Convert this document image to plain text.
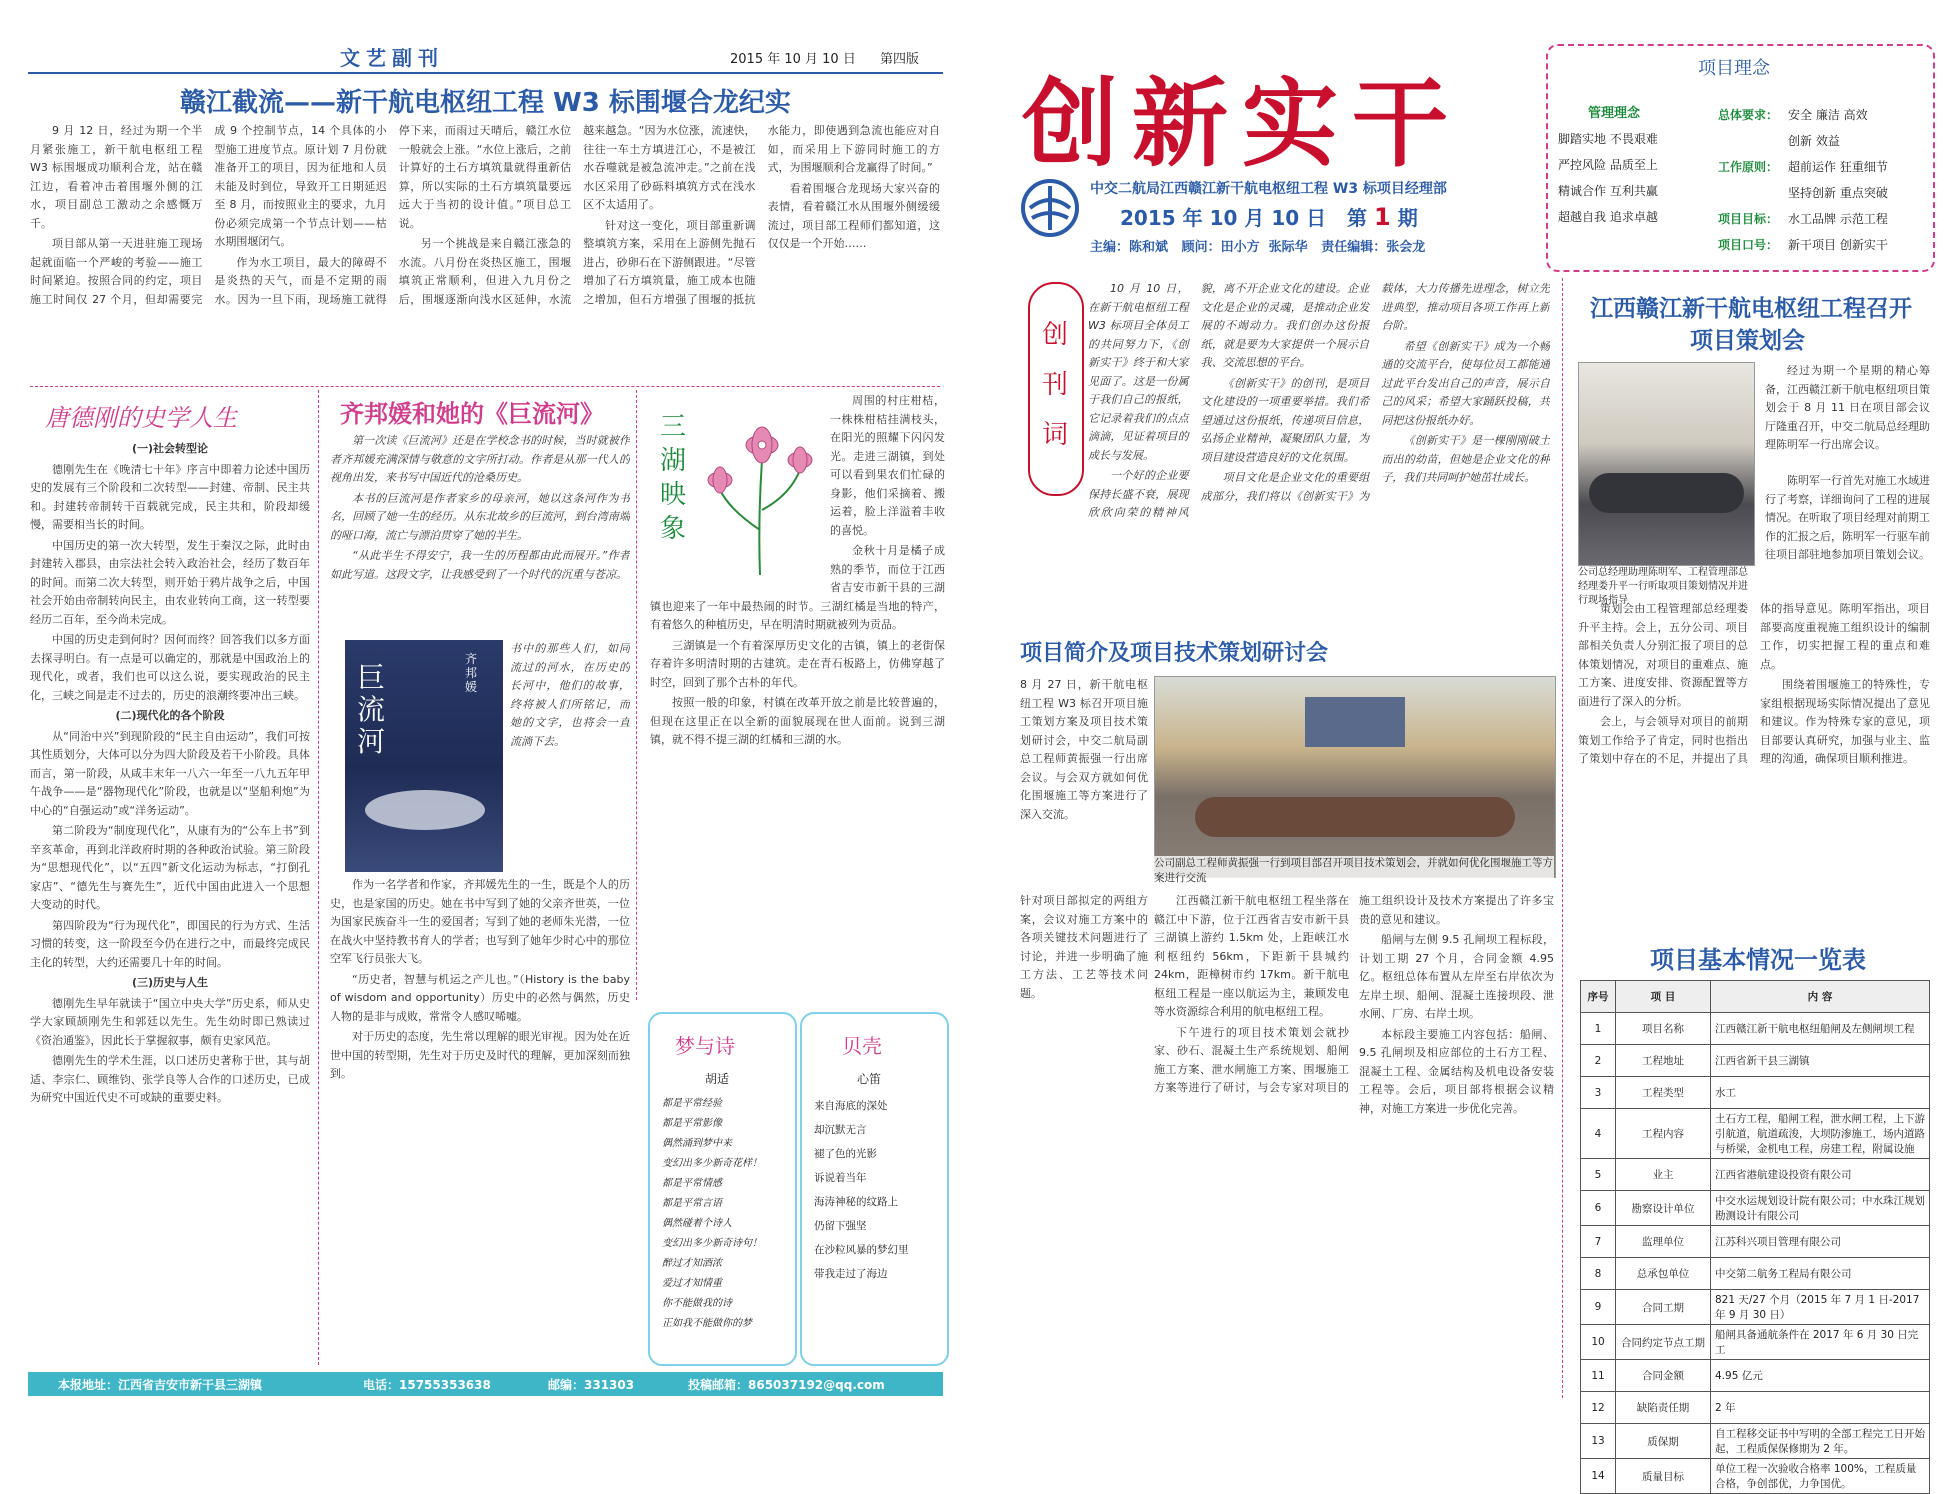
文艺副刊	2015 年 10 月 10 日 第四版
赣江截流——新干航电枢纽工程 W3 标围堰合龙纪实

9 月 12 日，经过为期一个半月紧张施工，新干航电枢纽工程 W3 标围堰成功顺利合龙，站在赣江边，看着冲击着围堰外侧的江水，项目副总工激动之余感慨万千。

项目部从第一天进驻施工现场起就面临一个严峻的考验——施工时间紧迫。按照合同的约定，项目施工时间仅 27 个月，但却需要完成 9 个控制节点，14 个具体的小型施工进度节点。原计划 7 月份就准备开工的项目，因为征地和人员未能及时到位，导致开工日期延迟至 8 月，而按照业主的要求，九月份必须完成第一个节点计划——枯水期围堰闭气。

作为水工项目，最大的障碍不是炎热的天气，而是不定期的雨水。因为一旦下雨，现场施工就得停下来，而雨过天晴后，赣江水位一般就会上涨。“水位上涨后，之前计算好的土石方填筑量就得重新估算，所以实际的土石方填筑量要远远大于当初的设计值。”项目总工说。

另一个挑战是来自赣江涨急的水流。八月份在炎热区施工，围堰填筑正常顺利，但进入九月份之后，围堰逐渐向浅水区延伸，水流越来越急。“因为水位涨，流速快，往往一车土方填进江心，不是被江水吞噬就是被急流冲走。”之前在浅水区采用了砂砾料填筑方式在浅水区不太适用了。

针对这一变化，项目部重新调整填筑方案，采用在上游侧先抛石进占，砂卵石在下游侧跟进。“尽管增加了石方填筑量，施工成本也随之增加，但石方增强了围堰的抵抗水能力，即使遇到急流也能应对自如，而采用上下游同时施工的方式，为围堰顺利合龙赢得了时间。”

看着围堰合龙现场大家兴奋的表情，看着赣江水从围堰外侧缓缓流过，项目部工程师们都知道，这仅仅是一个开始……

唐德刚的史学人生
(一)社会转型论

德刚先生在《晚清七十年》序言中即着力论述中国历史的发展有三个阶段和二次转型——封建、帝制、民主共和。封建转帝制转干百载就完成，民主共和，阶段却缓慢，需要相当长的时间。

中国历史的第一次大转型，发生于秦汉之际，此时由封建转入郡县，由宗法社会转入政治社会，经历了数百年的时间。而第二次大转型，则开始于鸦片战争之后，中国社会开始由帝制转向民主，由农业转向工商，这一转型要经历二百年，至今尚未完成。

中国的历史走到何时？因何而终？回答我们以多方面去探寻明白。有一点是可以确定的，那就是中国政治上的现代化，或者，我们也可以这么说，要实现政治的民主化，三峡之间是走不过去的，历史的浪潮终要冲出三峡。

(二)现代化的各个阶段

从“同治中兴”到现阶段的“民主自由运动”，我们可按其性质划分，大体可以分为四大阶段及若干小阶段。具体而言，第一阶段，从咸丰末年一八六一年至一八九五年甲午战争——是“器物现代化”阶段，也就是以“坚船利炮”为中心的“自强运动”或“洋务运动”。

第二阶段为“制度现代化”，从康有为的“公车上书”到辛亥革命，再到北洋政府时期的各种政治试验。第三阶段为“思想现代化”，以“五四”新文化运动为标志，“打倒孔家店”、“德先生与赛先生”，近代中国由此进入一个思想大变动的时代。

第四阶段为“行为现代化”，即国民的行为方式、生活习惯的转变，这一阶段至今仍在进行之中，而最终完成民主化的转型，大约还需要几十年的时间。

(三)历史与人生

德刚先生早年就读于“国立中央大学”历史系，师从史学大家顾颉刚先生和郭廷以先生。先生幼时即已熟读过《资治通鉴》，因此长于掌握叙事，颇有史家风范。

德刚先生的学术生涯，以口述历史著称于世，其与胡适、李宗仁、顾维钧、张学良等人合作的口述历史，已成为研究中国近代史不可或缺的重要史料。

齐邦媛和她的《巨流河》

第一次读《巨流河》还是在学校念书的时候，当时就被作者齐邦媛充满深情与敬意的文字所打动。作者是从那一代人的视角出发，来书写中国近代的沧桑历史。

本书的巨流河是作者家乡的母亲河，她以这条河作为书名，回顾了她一生的经历。从东北故乡的巨流河，到台湾南端的哑口海，流亡与漂泊贯穿了她的半生。

“从此半生不得安宁，我一生的历程都由此而展开。”作者如此写道。这段文字，让我感受到了一个时代的沉重与苍凉。

巨流河
齐邦媛
书中的那些人们，如同流过的河水，在历史的长河中，他们的故事，终将被人们所铭记，而她的文字，也将会一直流淌下去。

作为一名学者和作家，齐邦媛先生的一生，既是个人的历史，也是家国的历史。她在书中写到了她的父亲齐世英，一位为国家民族奋斗一生的爱国者；写到了她的老师朱光潜，一位在战火中坚持教书育人的学者；也写到了她年少时心中的那位空军飞行员张大飞。

“历史者，智慧与机运之产儿也。”（History is the baby of wisdom and opportunity）历史中的必然与偶然，历史人物的是非与成败，常常令人感叹唏嘘。

对于历史的态度，先生常以理解的眼光审视。因为处在近世中国的转型期，先生对于历史及时代的理解，更加深刻而独到。

三湖映象

周围的村庄柑桔，一株株柑桔挂满枝头，在阳光的照耀下闪闪发光。走进三湖镇，到处可以看到果农们忙碌的身影，他们采摘着、搬运着，脸上洋溢着丰收的喜悦。

金秋十月是橘子成熟的季节，而位于江西省吉安市新干县的三湖镇也迎来了一年中最热闹的时节。三湖红橘是当地的特产，有着悠久的种植历史，早在明清时期就被列为贡品。

三湖镇是一个有着深厚历史文化的古镇，镇上的老街保存着许多明清时期的古建筑。走在青石板路上，仿佛穿越了时空，回到了那个古朴的年代。

按照一般的印象，村镇在改革开放之前是比较普遍的，但现在这里正在以全新的面貌展现在世人面前。说到三湖镇，就不得不提三湖的红橘和三湖的水。

梦与诗
胡适
都是平常经验
都是平常影像
偶然涌到梦中来
变幻出多少新奇花样！
都是平常情感
都是平常言语
偶然碰着个诗人
变幻出多少新奇诗句！
醉过才知酒浓
爱过才知情重
你不能做我的诗
正如我不能做你的梦
贝壳
心笛
来自海底的深处
却沉默无言
褪了色的光影
诉说着当年
海涛神秘的纹路上
仍留下强坚
在沙粒风暴的梦幻里
带我走过了海边
本报地址：江西省吉安市新干县三湖镇	电话：15755353638	邮编：331303	投稿邮箱：865037192@qq.com
创新实干
中交二航局江西赣江新干航电枢纽工程 W3 标项目经理部
2015 年 10 月 10 日 第 1 期
主编：陈和斌   顾问：田小方  张际华   责任编辑：张会龙
项目理念
管理理念
脚踏实地 不畏艰难
严控风险 品质至上
精诚合作 互利共赢
超越自我 追求卓越
总体要求： 安全 廉洁 高效
创新 效益
工作原则： 超前运作 狂重细节
坚持创新 重点突破
项目目标： 水工品牌 示范工程
项目口号： 新干项目 创新实干
创刊词

10 月 10 日，在新干航电枢纽工程 W3 标项目全体员工的共同努力下，《创新实干》终于和大家见面了。这是一份属于我们自己的报纸，它记录着我们的点点滴滴，见证着项目的成长与发展。

一个好的企业要保持长盛不衰，展现欣欣向荣的精神风貌，离不开企业文化的建设。企业文化是企业的灵魂，是推动企业发展的不竭动力。我们创办这份报纸，就是要为大家提供一个展示自我、交流思想的平台。

《创新实干》的创刊，是项目文化建设的一项重要举措。我们希望通过这份报纸，传递项目信息，弘扬企业精神，凝聚团队力量，为项目建设营造良好的文化氛围。

项目文化是企业文化的重要组成部分，我们将以《创新实干》为载体，大力传播先进理念，树立先进典型，推动项目各项工作再上新台阶。

希望《创新实干》成为一个畅通的交流平台，使每位员工都能通过此平台发出自己的声音，展示自己的风采；希望大家踊跃投稿，共同把这份报纸办好。

《创新实干》是一棵刚刚破土而出的幼苗，但她是企业文化的种子，我们共同呵护她茁壮成长。

项目简介及项目技术策划研讨会
8 月 27 日，新干航电枢纽工程 W3 标召开项目施工策划方案及项目技术策划研讨会，中交二航局副总工程师黄振强一行出席会议。与会双方就如何优化围堰施工等方案进行了深入交流。
公司副总工程师黄振强一行到项目部召开项目技术策划会，并就如何优化围堰施工等方案进行交流
针对项目部拟定的两组方案，会议对施工方案中的各项关键技术问题进行了讨论，并进一步明确了施工方法、工艺等技术问题。

江西赣江新干航电枢纽工程坐落在赣江中下游，位于江西省吉安市新干县三湖镇上游约 1.5km 处，上距峡江水利枢纽约 56km，下距新干县城约 24km，距樟树市约 17km。新干航电枢纽工程是一座以航运为主，兼顾发电等水资源综合利用的航电枢纽工程。

下午进行的项目技术策划会就抄家、砂石、混凝土生产系统规划、船闸施工方案、泄水闸施工方案、围堰施工方案等进行了研讨，与会专家对项目的施工组织设计及技术方案提出了许多宝贵的意见和建议。

船闸与左侧 9.5 孔闸坝工程标段，计划工期 27 个月，合同金额 4.95 亿。枢纽总体布置从左岸至右岸依次为左岸土坝、船闸、混凝土连接坝段、泄水闸、厂房、右岸土坝。

本标段主要施工内容包括：船闸、9.5 孔闸坝及相应部位的土石方工程、混凝土工程、金属结构及机电设备安装工程等。会后，项目部将根据会议精神，对施工方案进一步优化完善。

江西赣江新干航电枢纽工程召开
项目策划会
公司总经理助理陈明军、工程管理部总经理娄升平一行听取项目策划情况并进行现场指导

经过为期一个星期的精心筹备，江西赣江新干航电枢纽项目策划会于 8 月 11 日在项目部会议厅隆重召开，中交二航局总经理助理陈明军一行出席会议。

陈明军一行首先对施工水域进行了考察，详细询问了工程的进展情况。在听取了项目经理对前期工作的汇报之后，陈明军一行驱车前往项目部驻地参加项目策划会议。

策划会由工程管理部总经理娄升平主持。会上，五分公司、项目部相关负责人分别汇报了项目的总体策划情况，对项目的重难点、施工方案、进度安排、资源配置等方面进行了深入的分析。

会上，与会领导对项目的前期策划工作给予了肯定，同时也指出了策划中存在的不足，并提出了具体的指导意见。陈明军指出，项目部要高度重视施工组织设计的编制工作，切实把握工程的重点和难点。

围绕着围堰施工的特殊性，专家组根据现场实际情况提出了意见和建议。作为特殊专家的意见，项目部要认真研究，加强与业主、监理的沟通，确保项目顺利推进。

项目基本情况一览表
序号	项 目	内 容
1	项目名称	江西赣江新干航电枢纽船闸及左侧闸坝工程
2	工程地址	江西省新干县三湖镇
3	工程类型	水工
4	工程内容	土石方工程，船闸工程，泄水闸工程，上下游引航道，航道疏浚，大坝防渗施工，场内道路与桥梁，金机电工程，房建工程，附属设施
5	业主	江西省港航建设投资有限公司
6	勘察设计单位	中交水运规划设计院有限公司；中水珠江规划勘测设计有限公司
7	监理单位	江苏科兴项目管理有限公司
8	总承包单位	中交第二航务工程局有限公司
9	合同工期	821 天/27 个月（2015 年 7 月 1 日-2017 年 9 月 30 日）
10	合同约定节点工期	船闸具备通航条件在 2017 年 6 月 30 日完工
11	合同金额	4.95 亿元
12	缺陷责任期	2 年
13	质保期	自工程移交证书中写明的全部工程完工日开始起，工程质保保修期为 2 年。
14	质量目标	单位工程一次验收合格率 100%，工程质量合格，争创部优，力争国优。
